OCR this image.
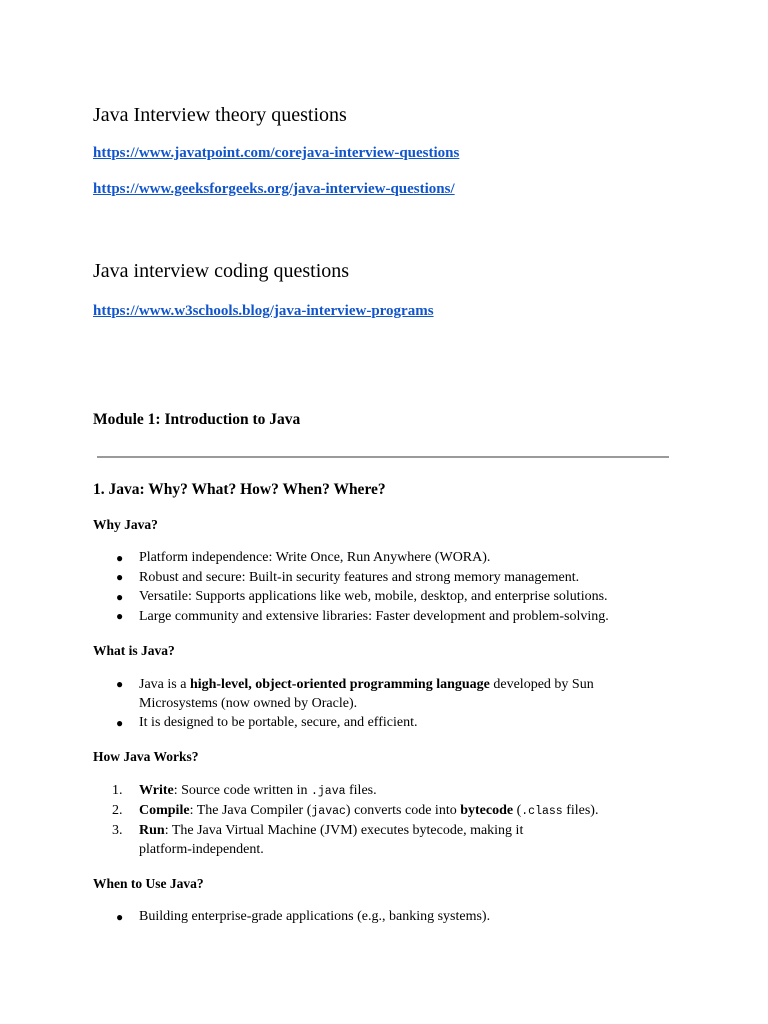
Java Interview theory questions
https://www.javatpoint.com/corejava-interview-questions
https://www.geeksforgeeks.org/java-interview-questions/
Java interview coding questions
https://www.w3schools.blog/java-interview-programs
Module 1: Introduction to Java
1. Java: Why? What? How? When? Where?
Why Java?
● Platform independence: Write Once, Run Anywhere (WORA).
● Robust and secure: Built-in security features and strong memory management.
● Versatile: Supports applications like web, mobile, desktop, and enterprise solutions.
● Large community and extensive libraries: Faster development and problem-solving.
What is Java?
● Java is a high-level, object-oriented programming language developed by Sun
Microsystems (now owned by Oracle).
● It is designed to be portable, secure, and efficient.
How Java Works?
1. Write: Source code written in .java files.
2. Compile: The Java Compiler (javac) converts code into bytecode (.class files).
3. Run: The Java Virtual Machine (JVM) executes bytecode, making it
platform-independent.
When to Use Java?
● Building enterprise-grade applications (e.g., banking systems).
